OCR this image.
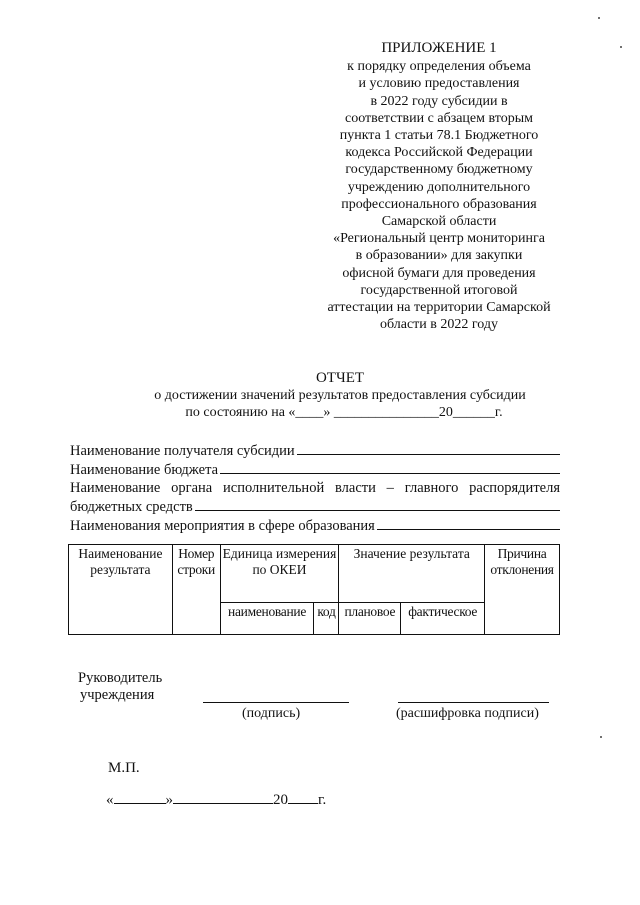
ПРИЛОЖЕНИЕ 1
к порядку определения объема
и условию предоставления
в 2022 году субсидии в
соответствии с абзацем вторым
пункта 1 статьи 78.1 Бюджетного
кодекса Российской Федерации
государственному бюджетному
учреждению дополнительного
профессионального образования
Самарской области
«Региональный центр мониторинга
в образовании» для закупки
офисной бумаги для проведения
государственной итоговой
аттестации на территории Самарской
области в 2022 году
ОТЧЕТ
о достижении значений результатов предоставления субсидии
по состоянию на «____» _______________20______г.
Наименование получателя субсидии
Наименование бюджета
Наименование органа исполнительной власти – главного распорядителя
бюджетных средств
Наименования мероприятия в сфере образования
Наименование результата	Номер строки	Единица измерения по ОКЕИ		Значение результата		Причина отклонения
		наименование	код	плановое	фактическое	
Руководитель
учреждения
(подпись)	(расшифровка подписи)
М.П.
«	»	20 г.
